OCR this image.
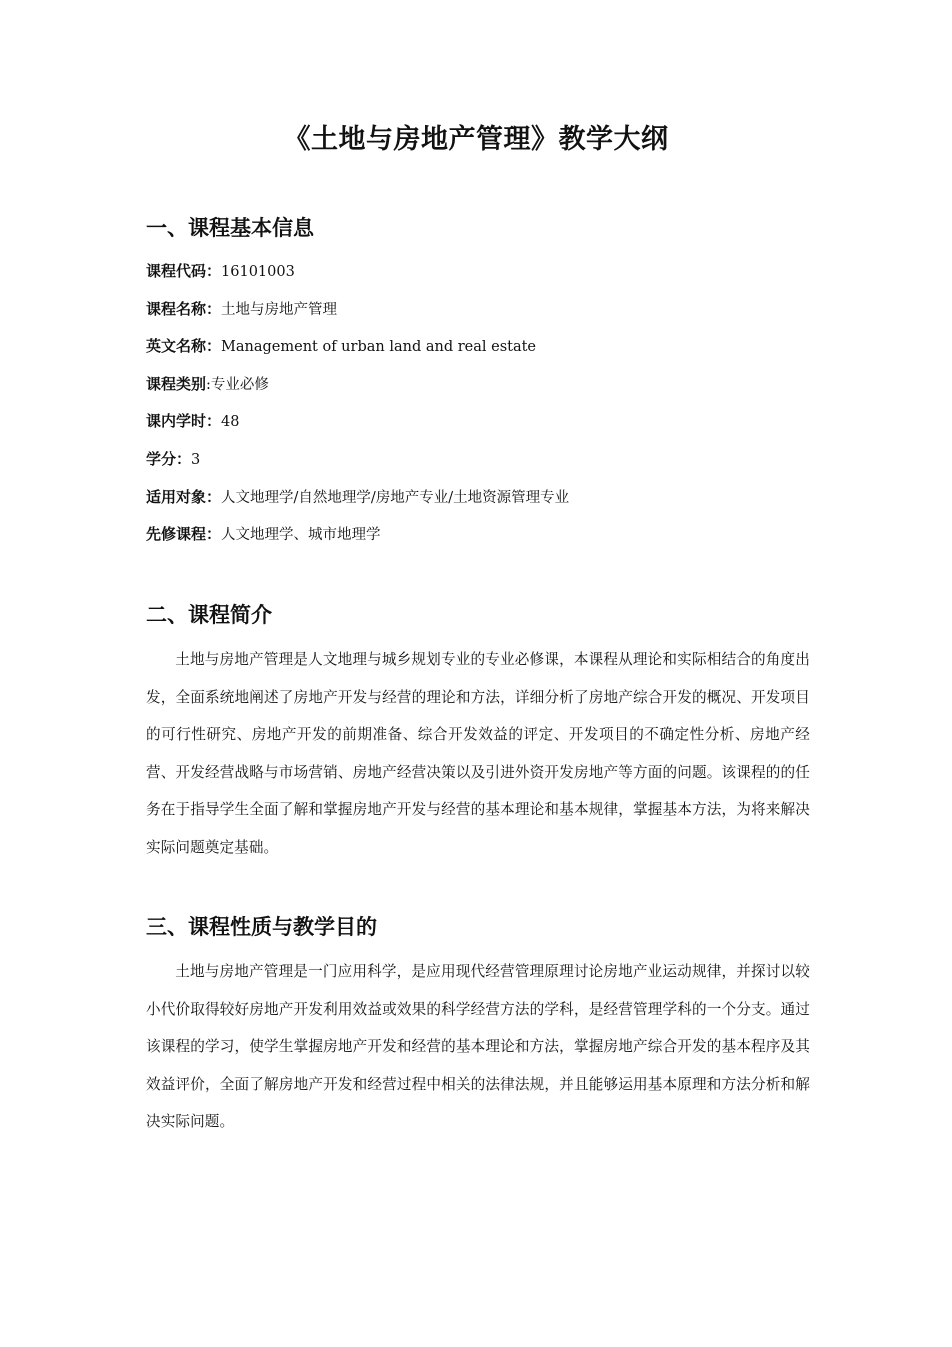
《土地与房地产管理》教学大纲
一、课程基本信息
课程代码：16101003
课程名称：土地与房地产管理
英文名称：Management of urban land and real estate
课程类别:专业必修
课内学时：48
学分：3
适用对象：人文地理学/自然地理学/房地产专业/土地资源管理专业
先修课程：人文地理学、城市地理学
二、课程简介

土地与房地产管理是人文地理与城乡规划专业的专业必修课，本课程从理论和实际相结合的角度出发，全面系统地阐述了房地产开发与经营的理论和方法，详细分析了房地产综合开发的概况、开发项目的可行性研究、房地产开发的前期准备、综合开发效益的评定、开发项目的不确定性分析、房地产经营、开发经营战略与市场营销、房地产经营决策以及引进外资开发房地产等方面的问题。该课程的的任务在于指导学生全面了解和掌握房地产开发与经营的基本理论和基本规律，掌握基本方法，为将来解决实际问题奠定基础。

三、课程性质与教学目的

土地与房地产管理是一门应用科学，是应用现代经营管理原理讨论房地产业运动规律，并探讨以较小代价取得较好房地产开发利用效益或效果的科学经营方法的学科，是经营管理学科的一个分支。通过该课程的学习，使学生掌握房地产开发和经营的基本理论和方法，掌握房地产综合开发的基本程序及其效益评价，全面了解房地产开发和经营过程中相关的法律法规，并且能够运用基本原理和方法分析和解决实际问题。
